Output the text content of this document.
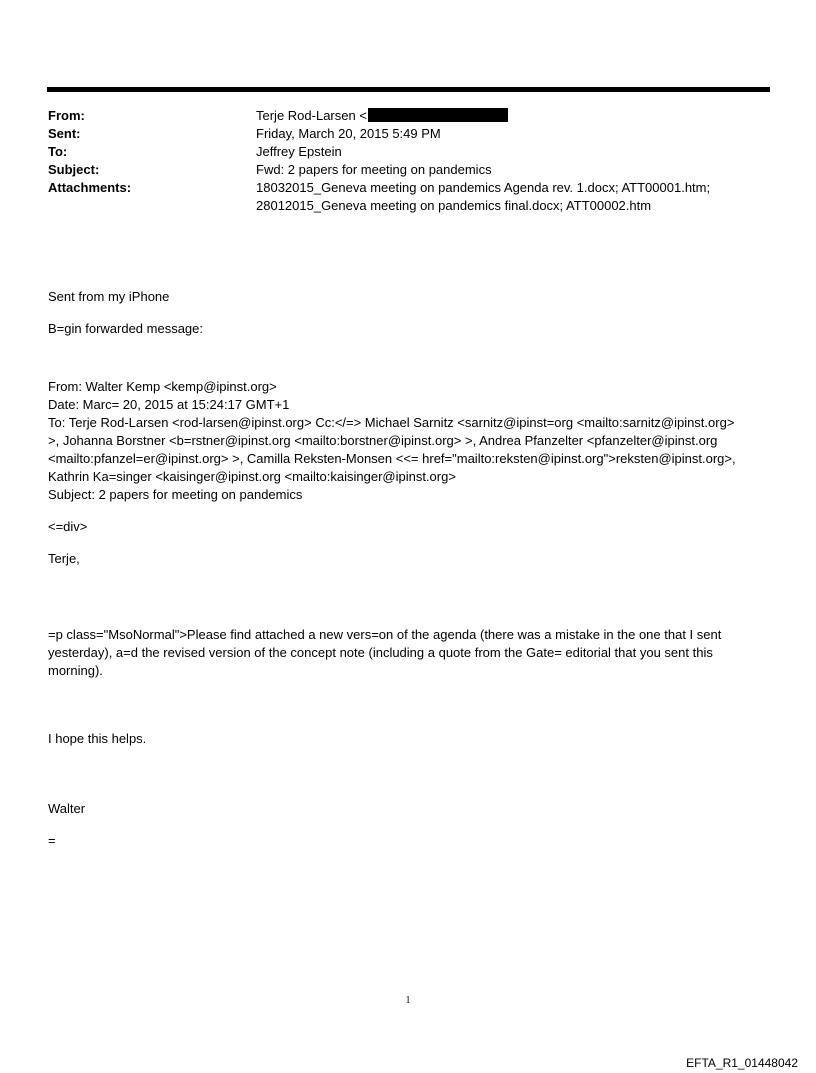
From:	Terje Rod-Larsen <
Sent:	Friday, March 20, 2015 5:49 PM
To:	Jeffrey Epstein
Subject:	Fwd: 2 papers for meeting on pandemics
Attachments:	18032015_Geneva meeting on pandemics Agenda rev. 1.docx; ATT00001.htm;
28012015_Geneva meeting on pandemics final.docx; ATT00002.htm

Sent from my iPhone

B=gin forwarded message:

From: Walter Kemp <kemp@ipinst.org>
Date: Marc= 20, 2015 at 15:24:17 GMT+1
To: Terje Rod-Larsen <rod-larsen@ipinst.org> Cc:</=> Michael Sarnitz <sarnitz@ipinst=org <mailto:sarnitz@ipinst.org>
>, Johanna Borstner <b=rstner@ipinst.org <mailto:borstner@ipinst.org> >, Andrea Pfanzelter <pfanzelter@ipinst.org
<mailto:pfanzel=er@ipinst.org> >, Camilla Reksten-Monsen <<= href="mailto:reksten@ipinst.org">reksten@ipinst.org>,
Kathrin Ka=singer <kaisinger@ipinst.org <mailto:kaisinger@ipinst.org>
Subject: 2 papers for meeting on pandemics

<=div>

Terje,

=p class="MsoNormal">Please find attached a new vers=on of the agenda (there was a mistake in the one that I sent
yesterday), a=d the revised version of the concept note (including a quote from the Gate= editorial that you sent this
morning).

I hope this helps.

Walter

=

1
EFTA_R1_01448042
